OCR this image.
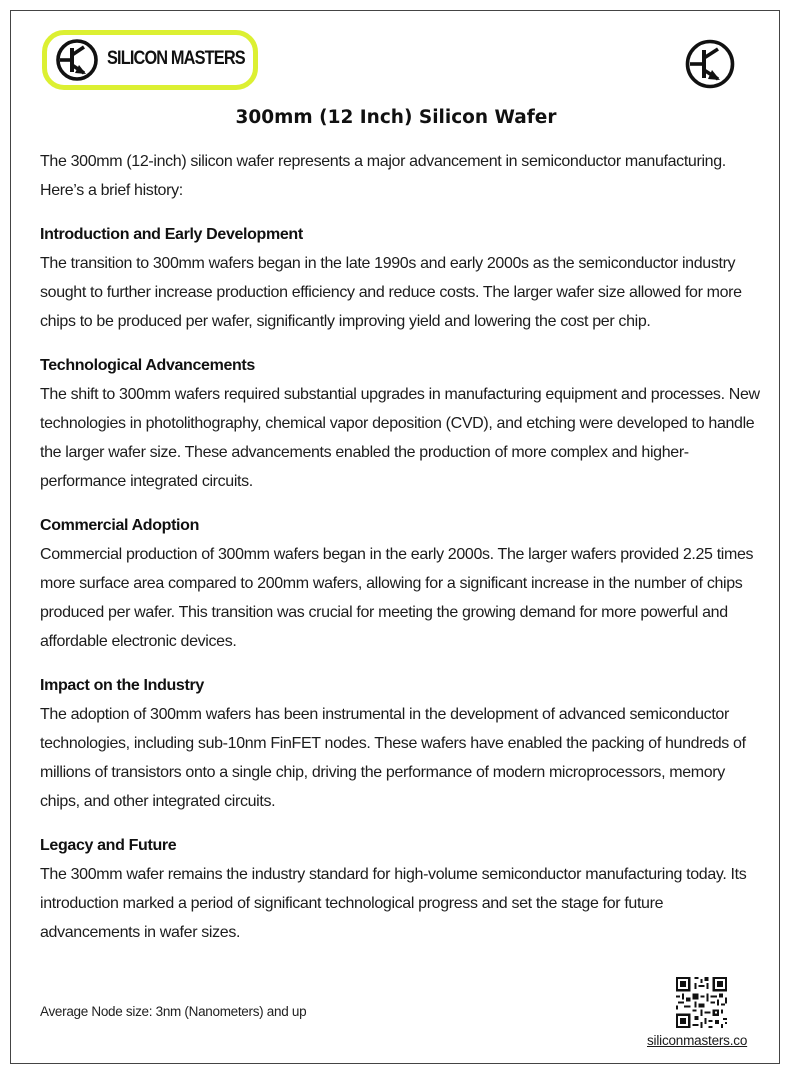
SILICON MASTERS
300mm (12 Inch) Silicon Wafer

The 300mm (12-inch) silicon wafer represents a major advancement in semiconductor manufacturing. Here’s a brief history:

Introduction and Early Development

The transition to 300mm wafers began in the late 1990s and early 2000s as the semiconductor industry sought to further increase production efficiency and reduce costs. The larger wafer size allowed for more chips to be produced per wafer, significantly improving yield and lowering the cost per chip.

Technological Advancements

The shift to 300mm wafers required substantial upgrades in manufacturing equipment and processes. New technologies in photolithography, chemical vapor deposition (CVD), and etching were developed to handle the larger wafer size. These advancements enabled the production of more complex and higher-performance integrated circuits.

Commercial Adoption

Commercial production of 300mm wafers began in the early 2000s. The larger wafers provided 2.25 times more surface area compared to 200mm wafers, allowing for a significant increase in the number of chips produced per wafer. This transition was crucial for meeting the growing demand for more powerful and affordable electronic devices.

Impact on the Industry

The adoption of 300mm wafers has been instrumental in the development of advanced semiconductor technologies, including sub-10nm FinFET nodes. These wafers have enabled the packing of hundreds of millions of transistors onto a single chip, driving the performance of modern microprocessors, memory chips, and other integrated circuits.

Legacy and Future

The 300mm wafer remains the industry standard for high-volume semiconductor manufacturing today. Its introduction marked a period of significant technological progress and set the stage for future advancements in wafer sizes.

Average Node size: 3nm (Nanometers) and up
siliconmasters.co
